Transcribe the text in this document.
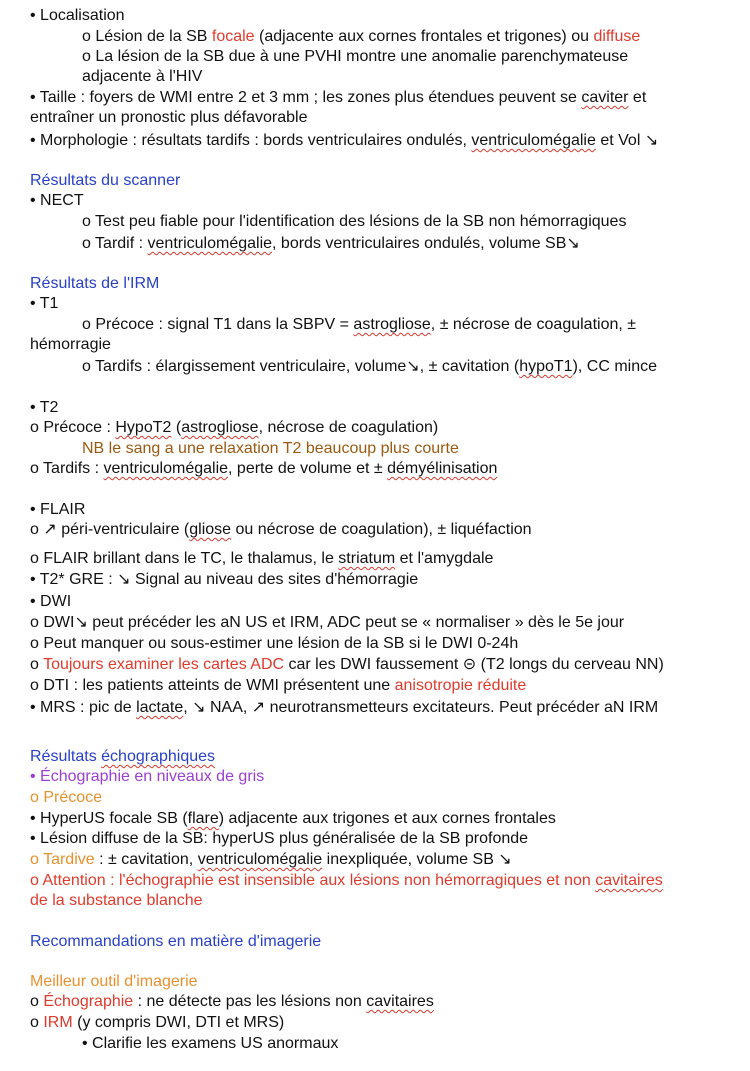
• Localisation
o Lésion de la SB focale (adjacente aux cornes frontales et trigones) ou diffuse
o La lésion de la SB due à une PVHI montre une anomalie parenchymateuse
adjacente à l'HIV
• Taille : foyers de WMI entre 2 et 3 mm ; les zones plus étendues peuvent se caviter et
entraîner un pronostic plus défavorable
• Morphologie : résultats tardifs : bords ventriculaires ondulés, ventriculomégalie et Vol ↘
Résultats du scanner
• NECT
o Test peu fiable pour l'identification des lésions de la SB non hémorragiques
o Tardif : ventriculomégalie, bords ventriculaires ondulés, volume SB↘
Résultats de l'IRM
• T1
o Précoce : signal T1 dans la SBPV = astrogliose, ± nécrose de coagulation, ±
hémorragie
o Tardifs : élargissement ventriculaire, volume↘, ± cavitation (hypoT1), CC mince
• T2
o Précoce : HypoT2 (astrogliose, nécrose de coagulation)
NB le sang a une relaxation T2 beaucoup plus courte
o Tardifs : ventriculomégalie, perte de volume et ± démyélinisation
• FLAIR
o ↗ péri-ventriculaire (gliose ou nécrose de coagulation), ± liquéfaction
o FLAIR brillant dans le TC, le thalamus, le striatum et l'amygdale
• T2* GRE : ↘ Signal au niveau des sites d'hémorragie
• DWI
o DWI↘ peut précéder les aN US et IRM, ADC peut se « normaliser » dès le 5e jour
o Peut manquer ou sous-estimer une lésion de la SB si le DWI 0-24h
o Toujours examiner les cartes ADC car les DWI faussement ⊝ (T2 longs du cerveau NN)
o DTI : les patients atteints de WMI présentent une anisotropie réduite
• MRS : pic de lactate, ↘ NAA, ↗ neurotransmetteurs excitateurs. Peut précéder aN IRM
Résultats échographiques
• Échographie en niveaux de gris
o Précoce
• HyperUS focale SB (flare) adjacente aux trigones et aux cornes frontales
• Lésion diffuse de la SB: hyperUS plus généralisée de la SB profonde
o Tardive : ± cavitation, ventriculomégalie inexpliquée, volume SB ↘
o Attention : l'échographie est insensible aux lésions non hémorragiques et non cavitaires
de la substance blanche
Recommandations en matière d'imagerie
Meilleur outil d'imagerie
o Échographie : ne détecte pas les lésions non cavitaires
o IRM (y compris DWI, DTI et MRS)
• Clarifie les examens US anormaux
